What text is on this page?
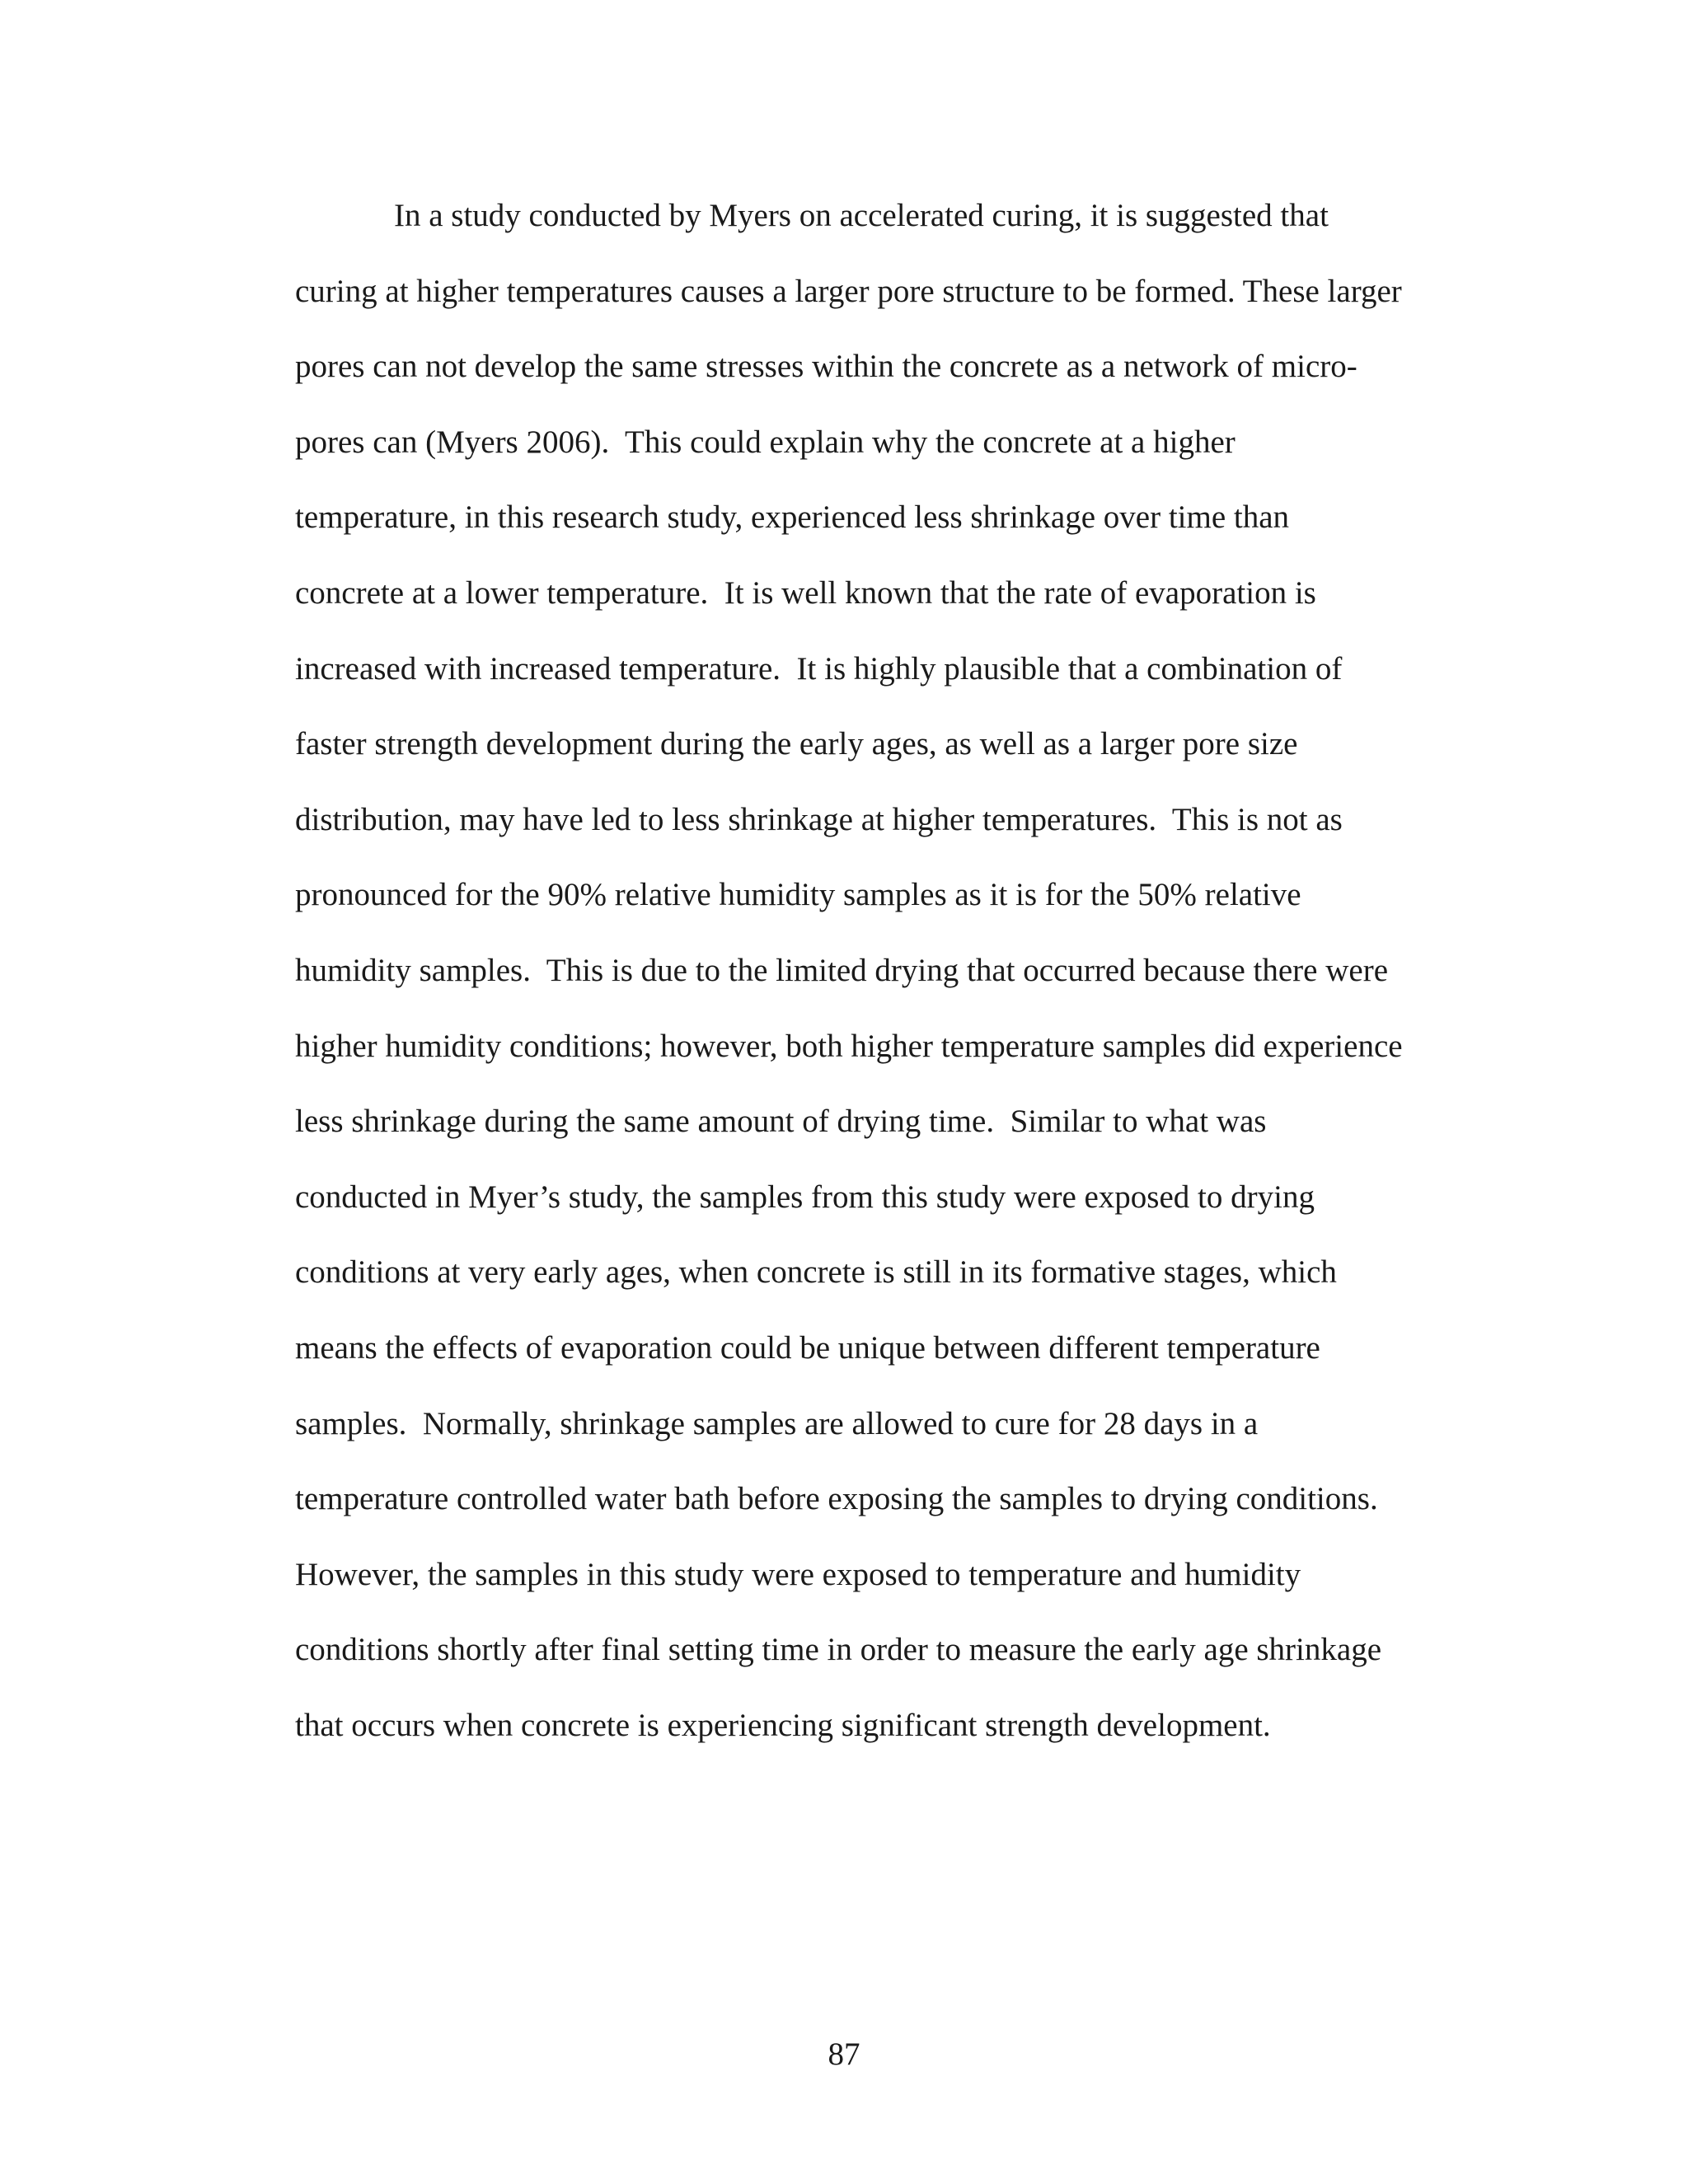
In a study conducted by Myers on accelerated curing, it is suggested that
curing at higher temperatures causes a larger pore structure to be formed. These larger
pores can not develop the same stresses within the concrete as a network of micro-
pores can (Myers 2006).  This could explain why the concrete at a higher
temperature, in this research study, experienced less shrinkage over time than
concrete at a lower temperature.  It is well known that the rate of evaporation is
increased with increased temperature.  It is highly plausible that a combination of
faster strength development during the early ages, as well as a larger pore size
distribution, may have led to less shrinkage at higher temperatures.  This is not as
pronounced for the 90% relative humidity samples as it is for the 50% relative
humidity samples.  This is due to the limited drying that occurred because there were
higher humidity conditions; however, both higher temperature samples did experience
less shrinkage during the same amount of drying time.  Similar to what was
conducted in Myer’s study, the samples from this study were exposed to drying
conditions at very early ages, when concrete is still in its formative stages, which
means the effects of evaporation could be unique between different temperature
samples.  Normally, shrinkage samples are allowed to cure for 28 days in a
temperature controlled water bath before exposing the samples to drying conditions.
However, the samples in this study were exposed to temperature and humidity
conditions shortly after final setting time in order to measure the early age shrinkage
that occurs when concrete is experiencing significant strength development.

87
